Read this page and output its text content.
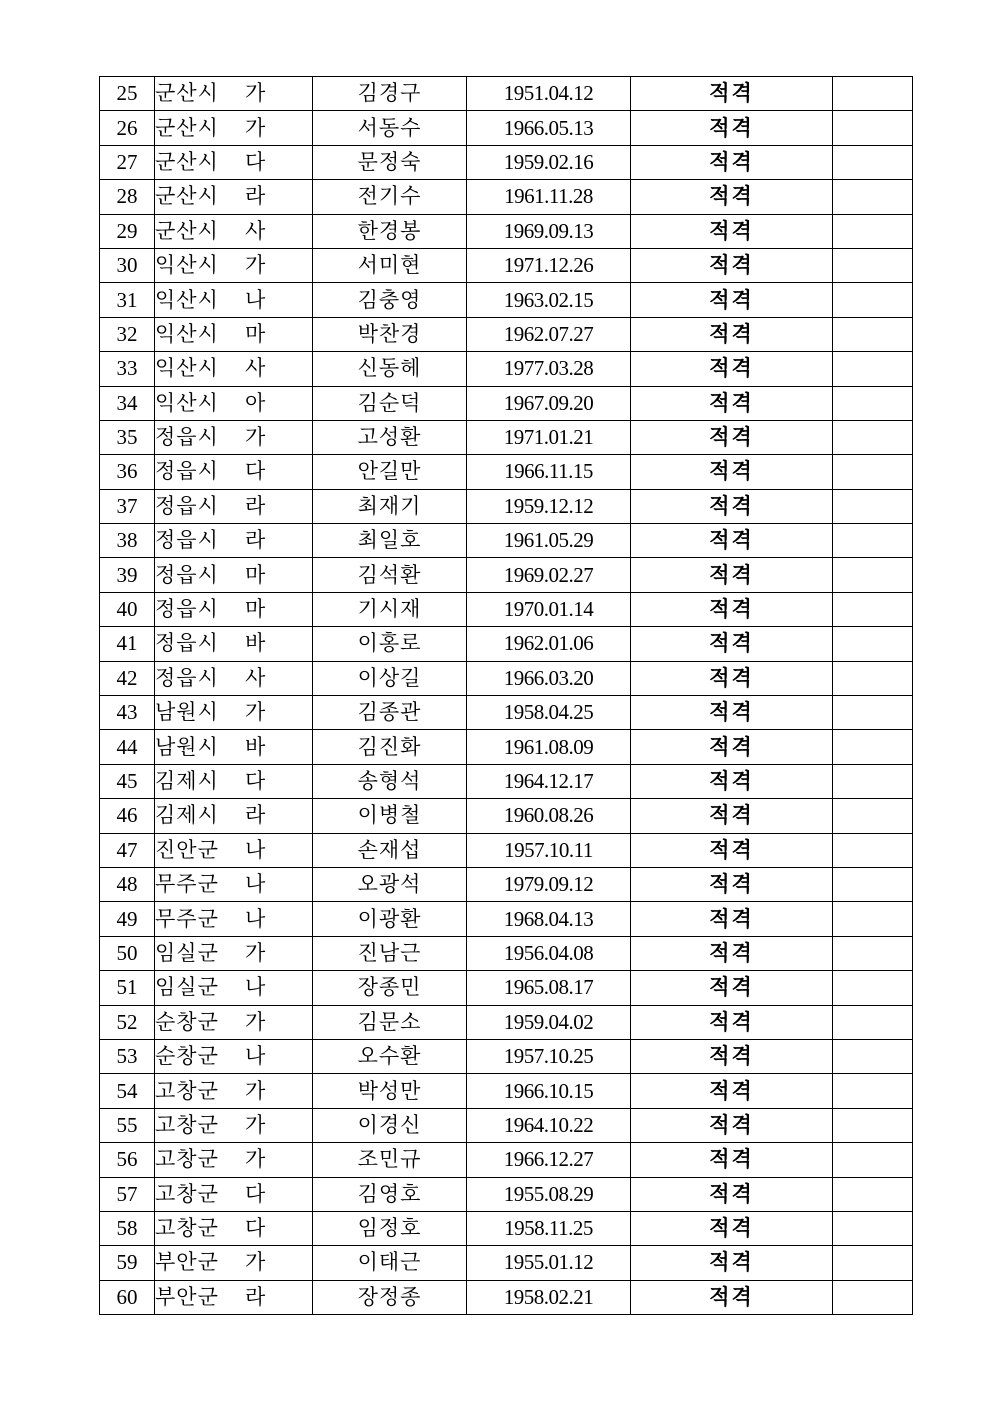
25	군산시 가	김경구	1951.04.12	적격	
26	군산시 가	서동수	1966.05.13	적격	
27	군산시 다	문정숙	1959.02.16	적격	
28	군산시 라	전기수	1961.11.28	적격	
29	군산시 사	한경봉	1969.09.13	적격	
30	익산시 가	서미현	1971.12.26	적격	
31	익산시 나	김충영	1963.02.15	적격	
32	익산시 마	박찬경	1962.07.27	적격	
33	익산시 사	신동헤	1977.03.28	적격	
34	익산시 아	김순덕	1967.09.20	적격	
35	정읍시 가	고성환	1971.01.21	적격	
36	정읍시 다	안길만	1966.11.15	적격	
37	정읍시 라	최재기	1959.12.12	적격	
38	정읍시 라	최일호	1961.05.29	적격	
39	정읍시 마	김석환	1969.02.27	적격	
40	정읍시 마	기시재	1970.01.14	적격	
41	정읍시 바	이홍로	1962.01.06	적격	
42	정읍시 사	이상길	1966.03.20	적격	
43	남원시 가	김종관	1958.04.25	적격	
44	남원시 바	김진화	1961.08.09	적격	
45	김제시 다	송형석	1964.12.17	적격	
46	김제시 라	이병철	1960.08.26	적격	
47	진안군 나	손재섭	1957.10.11	적격	
48	무주군 나	오광석	1979.09.12	적격	
49	무주군 나	이광환	1968.04.13	적격	
50	임실군 가	진남근	1956.04.08	적격	
51	임실군 나	장종민	1965.08.17	적격	
52	순창군 가	김문소	1959.04.02	적격	
53	순창군 나	오수환	1957.10.25	적격	
54	고창군 가	박성만	1966.10.15	적격	
55	고창군 가	이경신	1964.10.22	적격	
56	고창군 가	조민규	1966.12.27	적격	
57	고창군 다	김영호	1955.08.29	적격	
58	고창군 다	임정호	1958.11.25	적격	
59	부안군 가	이태근	1955.01.12	적격	
60	부안군 라	장정종	1958.02.21	적격	
